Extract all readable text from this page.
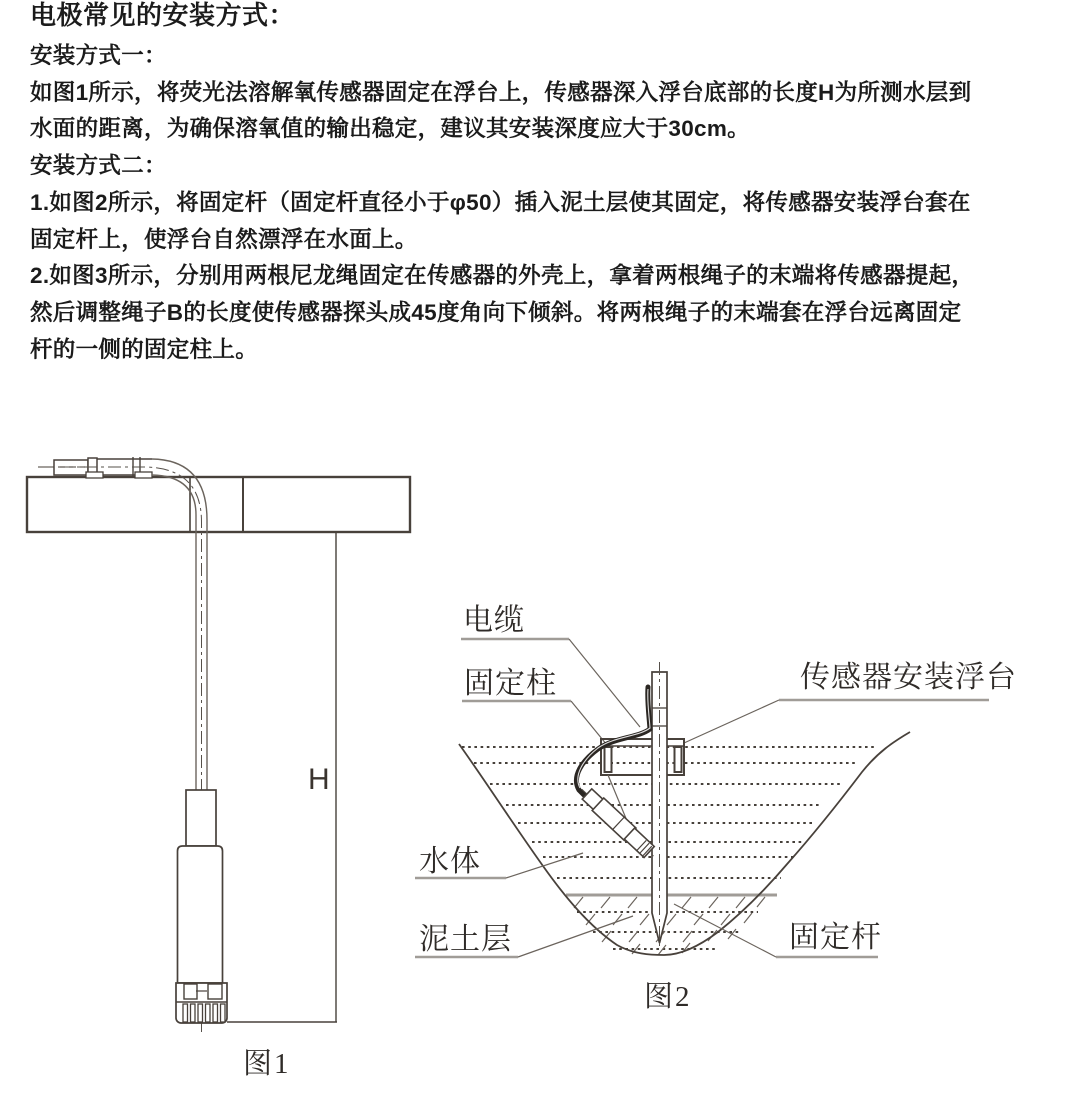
电极常见的安装方式：
安装方式一：
如图1所示，将荧光法溶解氧传感器固定在浮台上，传感器深入浮台底部的长度H为所测水层到
水面的距离，为确保溶氧值的输出稳定，建议其安装深度应大于30cm。
安装方式二：
1.如图2所示，将固定杆（固定杆直径小于φ50）插入泥土层使其固定，将传感器安装浮台套在
固定杆上，使浮台自然漂浮在水面上。
2.如图3所示，分别用两根尼龙绳固定在传感器的外壳上，拿着两根绳子的末端将传感器提起，
然后调整绳子B的长度使传感器探头成45度角向下倾斜。将两根绳子的末端套在浮台远离固定
杆的一侧的固定柱上。
H
图1
电缆
固定柱	传感器安装浮台
水体
泥土层	固定杆
图2
